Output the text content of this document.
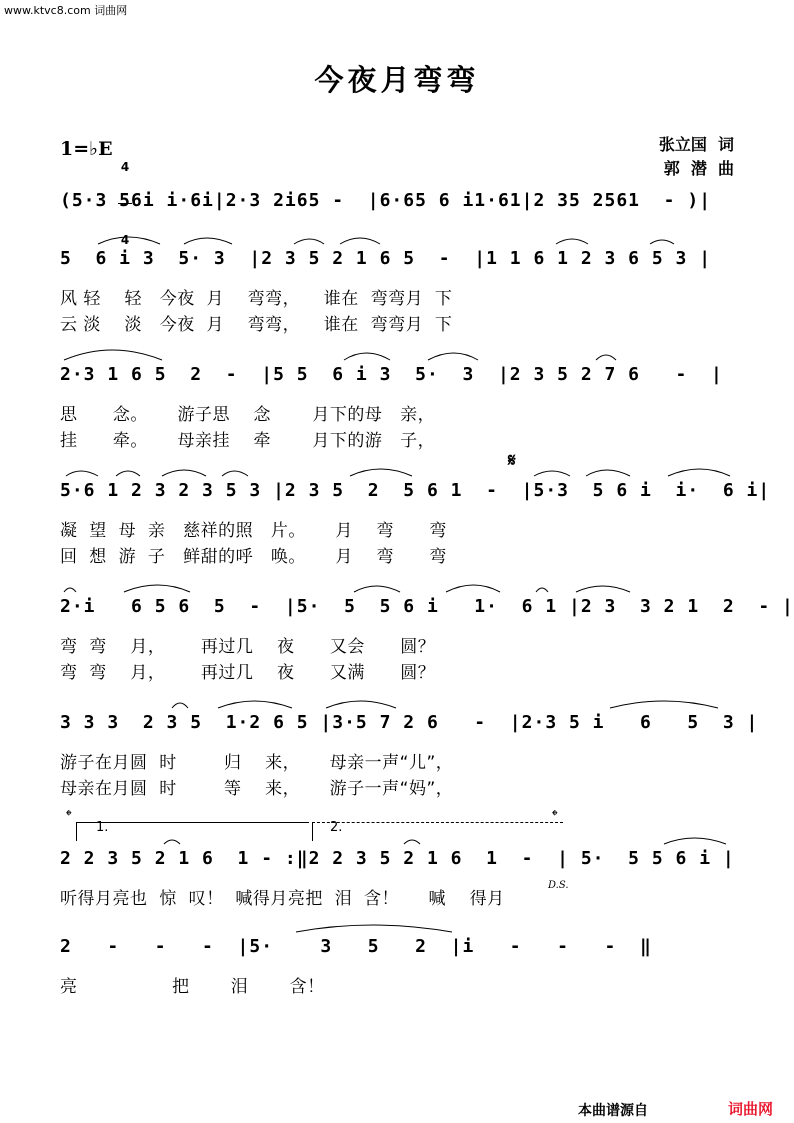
www.ktvc8.com 词曲网
今夜月弯弯
1=♭E

4

4

张立国  词
郭  潜  曲
(5·3 56i i·6i|2·3 2i65 -  |6·65 6 i1·61|2 35 2561  - )|
5  6 i 3  5· 3  |2 3 5 2 1 6 5  -  |1 1 6 1 2 3 6 5 3 |
风 轻    轻   今夜  月    弯弯，    谁在  弯弯月  下
云 淡    淡   今夜  月    弯弯，    谁在  弯弯月  下
2·3 1 6 5  2  -  |5 5  6 i 3  5·  3  |2 3 5 2 7 6   -  |
思      念。     游子思    念       月下的母   亲，
挂      牵。     母亲挂    牵       月下的游   子，
𝄋
5·6 1 2 3 2 3 5 3 |2 3 5  2  5 6 1  -  |5·3  5 6 i  i·  6 i|
凝  望  母  亲   慈祥的照   片。     月    弯      弯
回  想  游  子   鲜甜的呼   唤。     月    弯      弯
2·i   6 5 6  5  -  |5·  5  5 6 i   1·  6 1 |2 3  3 2 1  2  - |
弯  弯    月，      再过几    夜      又会      圆？
弯  弯    月，      再过几    夜      又满      圆？
3 3 3  2 3 5  1·2 6 5 |3·5 7 2 6   -  |2·3 5 i   6   5  3 |
游子在月圆  时        归    来，     母亲一声“儿”，
母亲在月圆  时        等    来，     游子一声“妈”，
𝄌	𝄌
1.	2.
2 2 3 5 2 1 6  1 - :‖2 2 3 5 2 1 6  1  -  | 5·  5 5 6 i |
听得月亮也  惊  叹！  喊得月亮把  泪  含！     喊    得月
D.S.
2   -   -   -  |5·    3   5   2  |i   -   -   -  ‖
亮                把       泪       含！
本曲谱源自	词曲网
